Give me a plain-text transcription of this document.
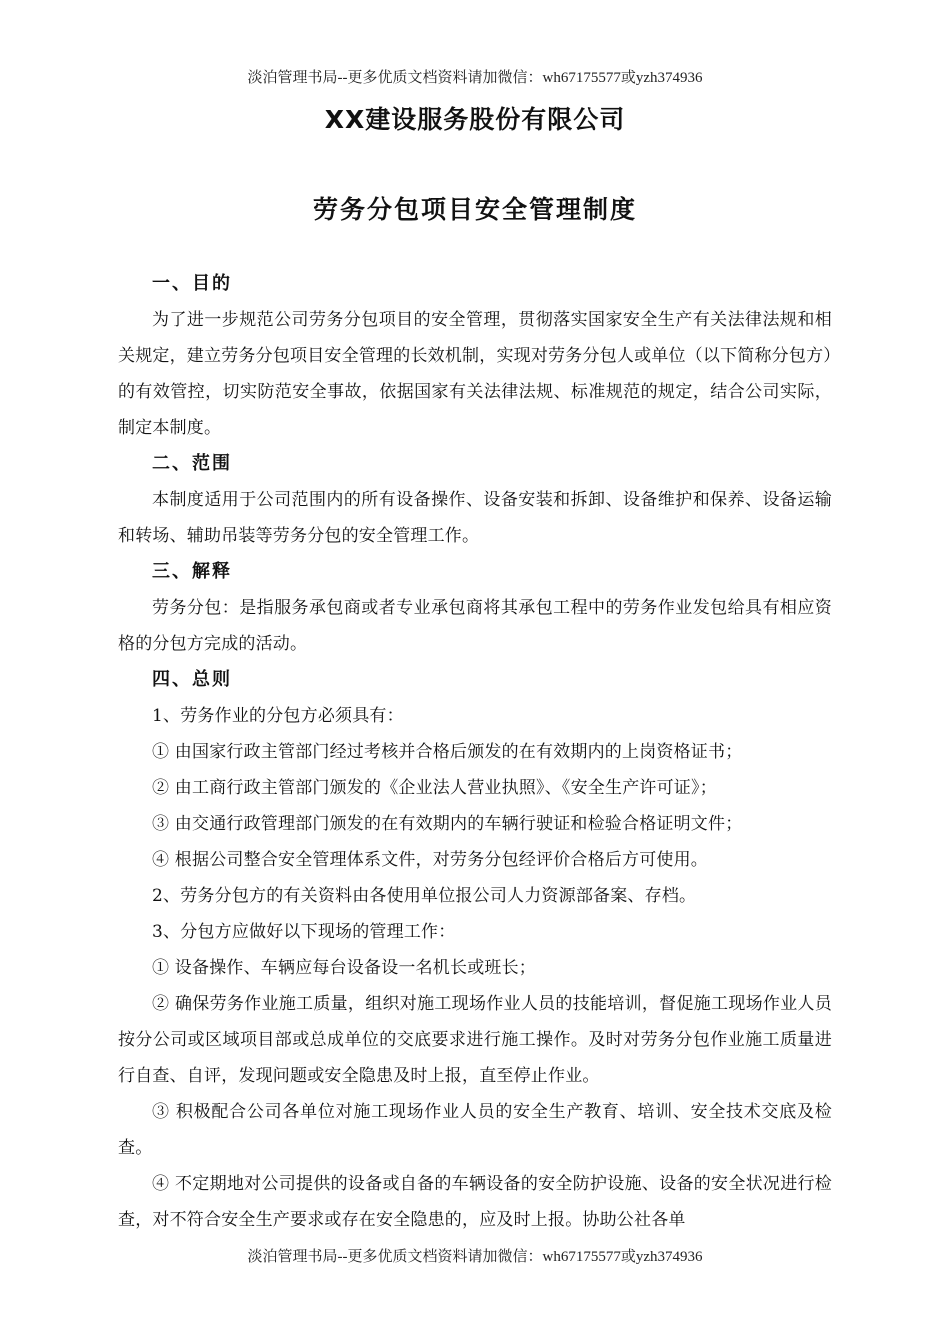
淡泊管理书局--更多优质文档资料请加微信：wh67175577或yzh374936
XX建设服务股份有限公司
劳务分包项目安全管理制度

一、目的

为了进一步规范公司劳务分包项目的安全管理，贯彻落实国家安全生产有关法律法规和相关规定，建立劳务分包项目安全管理的长效机制，实现对劳务分包人或单位（以下简称分包方）的有效管控，切实防范安全事故，依据国家有关法律法规、标准规范的规定，结合公司实际，制定本制度。

二、范围

本制度适用于公司范围内的所有设备操作、设备安装和拆卸、设备维护和保养、设备运输和转场、辅助吊装等劳务分包的安全管理工作。

三、解释

劳务分包：是指服务承包商或者专业承包商将其承包工程中的劳务作业发包给具有相应资格的分包方完成的活动。

四、总则

1、劳务作业的分包方必须具有：

① 由国家行政主管部门经过考核并合格后颁发的在有效期内的上岗资格证书；

② 由工商行政主管部门颁发的《企业法人营业执照》、《安全生产许可证》；

③ 由交通行政管理部门颁发的在有效期内的车辆行驶证和检验合格证明文件；

④ 根据公司整合安全管理体系文件，对劳务分包经评价合格后方可使用。

2、劳务分包方的有关资料由各使用单位报公司人力资源部备案、存档。

3、分包方应做好以下现场的管理工作：

① 设备操作、车辆应每台设备设一名机长或班长；

② 确保劳务作业施工质量，组织对施工现场作业人员的技能培训，督促施工现场作业人员按分公司或区域项目部或总成单位的交底要求进行施工操作。及时对劳务分包作业施工质量进行自查、自评，发现问题或安全隐患及时上报，直至停止作业。

③ 积极配合公司各单位对施工现场作业人员的安全生产教育、培训、安全技术交底及检查。

④ 不定期地对公司提供的设备或自备的车辆设备的安全防护设施、设备的安全状况进行检查，对不符合安全生产要求或存在安全隐患的，应及时上报。协助公社各单

淡泊管理书局--更多优质文档资料请加微信：wh67175577或yzh374936
